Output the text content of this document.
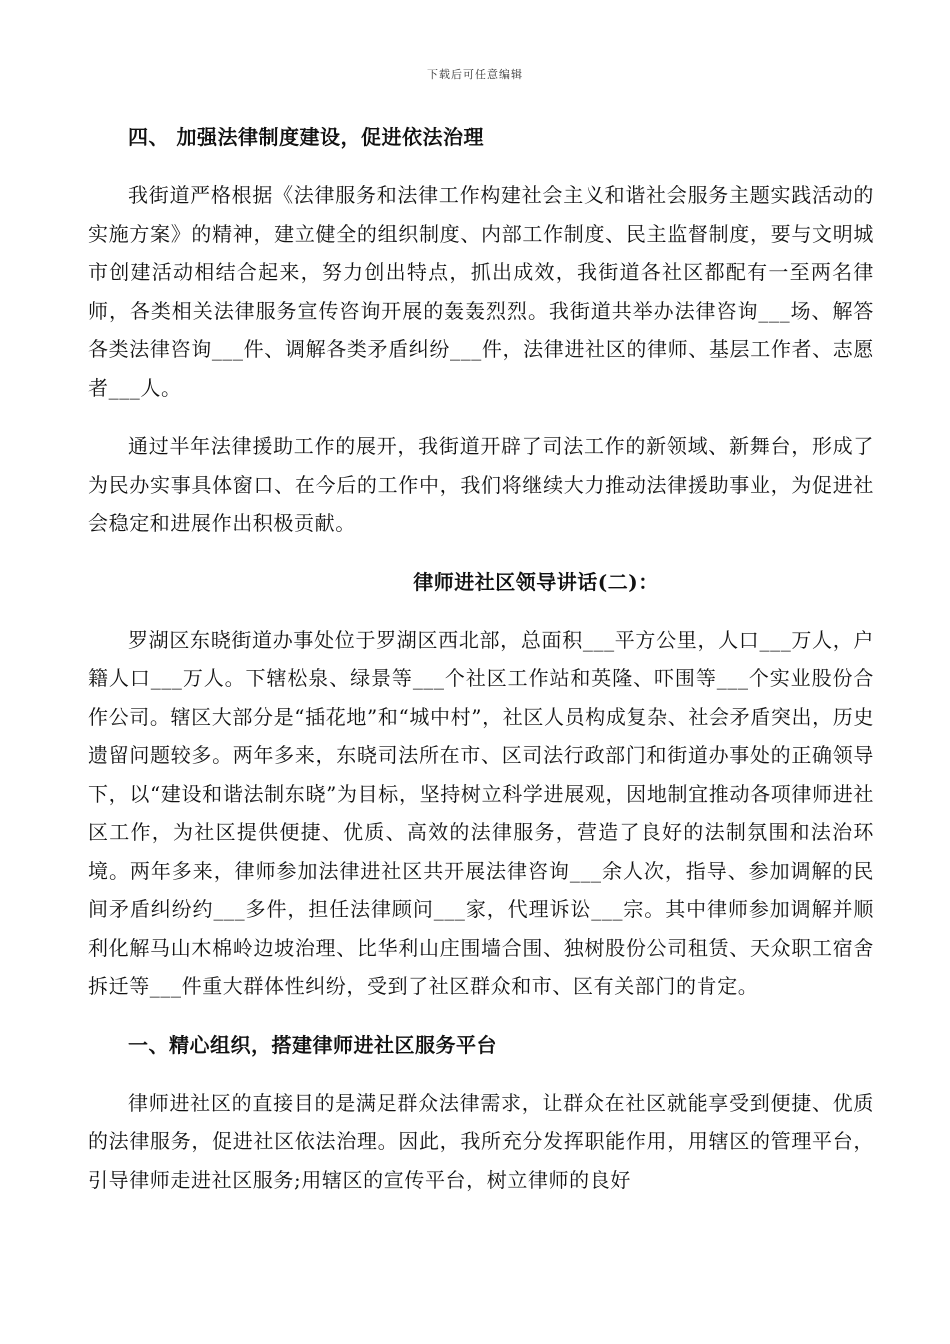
下载后可任意编辑
四、 加强法律制度建设，促进依法治理

我街道严格根据《法律服务和法律工作构建社会主义和谐社会服务主题实践活动的实施方案》的精神，建立健全的组织制度、内部工作制度、民主监督制度，要与文明城市创建活动相结合起来，努力创出特点，抓出成效，我街道各社区都配有一至两名律师，各类相关法律服务宣传咨询开展的轰轰烈烈。我街道共举办法律咨询___场、解答各类法律咨询___件、调解各类矛盾纠纷___件，法律进社区的律师、基层工作者、志愿者___人。

通过半年法律援助工作的展开，我街道开辟了司法工作的新领域、新舞台，形成了为民办实事具体窗口、在今后的工作中，我们将继续大力推动法律援助事业，为促进社会稳定和进展作出积极贡献。

律师进社区领导讲话(二)：

罗湖区东晓街道办事处位于罗湖区西北部，总面积___平方公里，人口___万人，户籍人口___万人。下辖松泉、绿景等___个社区工作站和英隆、吓围等___个实业股份合作公司。辖区大部分是“插花地”和“城中村”，社区人员构成复杂、社会矛盾突出，历史遗留问题较多。两年多来，东晓司法所在市、区司法行政部门和街道办事处的正确领导下，以“建设和谐法制东晓”为目标，坚持树立科学进展观，因地制宜推动各项律师进社区工作，为社区提供便捷、优质、高效的法律服务，营造了良好的法制氛围和法治环境。两年多来，律师参加法律进社区共开展法律咨询___余人次，指导、参加调解的民间矛盾纠纷约___多件，担任法律顾问___家，代理诉讼___宗。其中律师参加调解并顺利化解马山木棉岭边坡治理、比华利山庄围墙合围、独树股份公司租赁、天众职工宿舍拆迁等___件重大群体性纠纷，受到了社区群众和市、区有关部门的肯定。

一、精心组织，搭建律师进社区服务平台

律师进社区的直接目的是满足群众法律需求，让群众在社区就能享受到便捷、优质的法律服务，促进社区依法治理。因此，我所充分发挥职能作用，用辖区的管理平台，引导律师走进社区服务;用辖区的宣传平台，树立律师的良好
